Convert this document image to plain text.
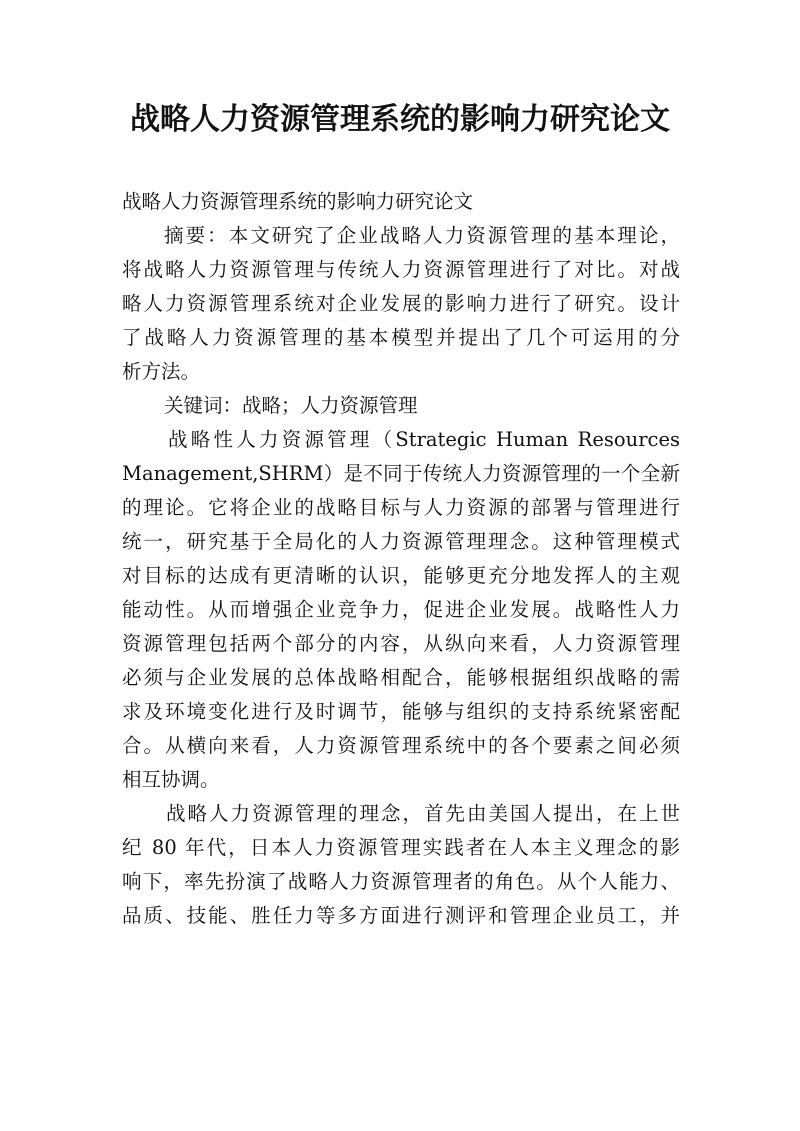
战略人力资源管理系统的影响力研究论文
战略人力资源管理系统的影响力研究论文
摘要：本文研究了企业战略人力资源管理的基本理论，
将战略人力资源管理与传统人力资源管理进行了对比。对战
略人力资源管理系统对企业发展的影响力进行了研究。设计
了战略人力资源管理的基本模型并提出了几个可运用的分
析方法。
关键词：战略；人力资源管理
战略性人力资源管理（Strategic Human Resources
Management,SHRM）是不同于传统人力资源管理的一个全新
的理论。它将企业的战略目标与人力资源的部署与管理进行
统一，研究基于全局化的人力资源管理理念。这种管理模式
对目标的达成有更清晰的认识，能够更充分地发挥人的主观
能动性。从而增强企业竞争力，促进企业发展。战略性人力
资源管理包括两个部分的内容，从纵向来看，人力资源管理
必须与企业发展的总体战略相配合，能够根据组织战略的需
求及环境变化进行及时调节，能够与组织的支持系统紧密配
合。从横向来看，人力资源管理系统中的各个要素之间必须
相互协调。
战略人力资源管理的理念，首先由美国人提出，在上世
纪 80 年代，日本人力资源管理实践者在人本主义理念的影
响下，率先扮演了战略人力资源管理者的角色。从个人能力、
品质、技能、胜任力等多方面进行测评和管理企业员工，并
